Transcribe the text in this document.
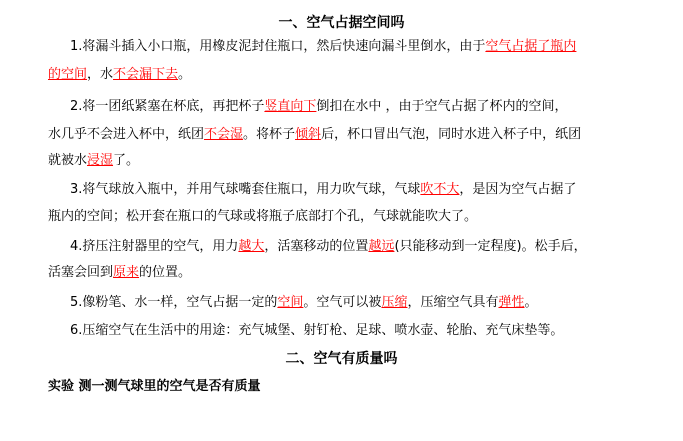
一、空气占据空间吗
1.将漏斗插入小口瓶，用橡皮泥封住瓶口，然后快速向漏斗里倒水，由于空气占据了瓶内
的空间，水不会漏下去。
2.将一团纸紧塞在杯底，再把杯子竖直向下倒扣在水中 ，由于空气占据了杯内的空间，
水几乎不会进入杯中，纸团不会湿。将杯子倾斜后，杯口冒出气泡，同时水进入杯子中，纸团
就被水浸湿了。
3.将气球放入瓶中，并用气球嘴套住瓶口，用力吹气球，气球吹不大，是因为空气占据了
瓶内的空间；松开套在瓶口的气球或将瓶子底部打个孔，气球就能吹大了。
4.挤压注射器里的空气，用力越大，活塞移动的位置越远(只能移动到一定程度)。松手后，
活塞会回到原来的位置。
5.像粉笔、水一样，空气占据一定的空间。空气可以被压缩，压缩空气具有弹性。
6.压缩空气在生活中的用途：充气城堡、射钉枪、足球、喷水壶、轮胎、充气床垫等。
二、空气有质量吗
实验 测一测气球里的空气是否有质量
